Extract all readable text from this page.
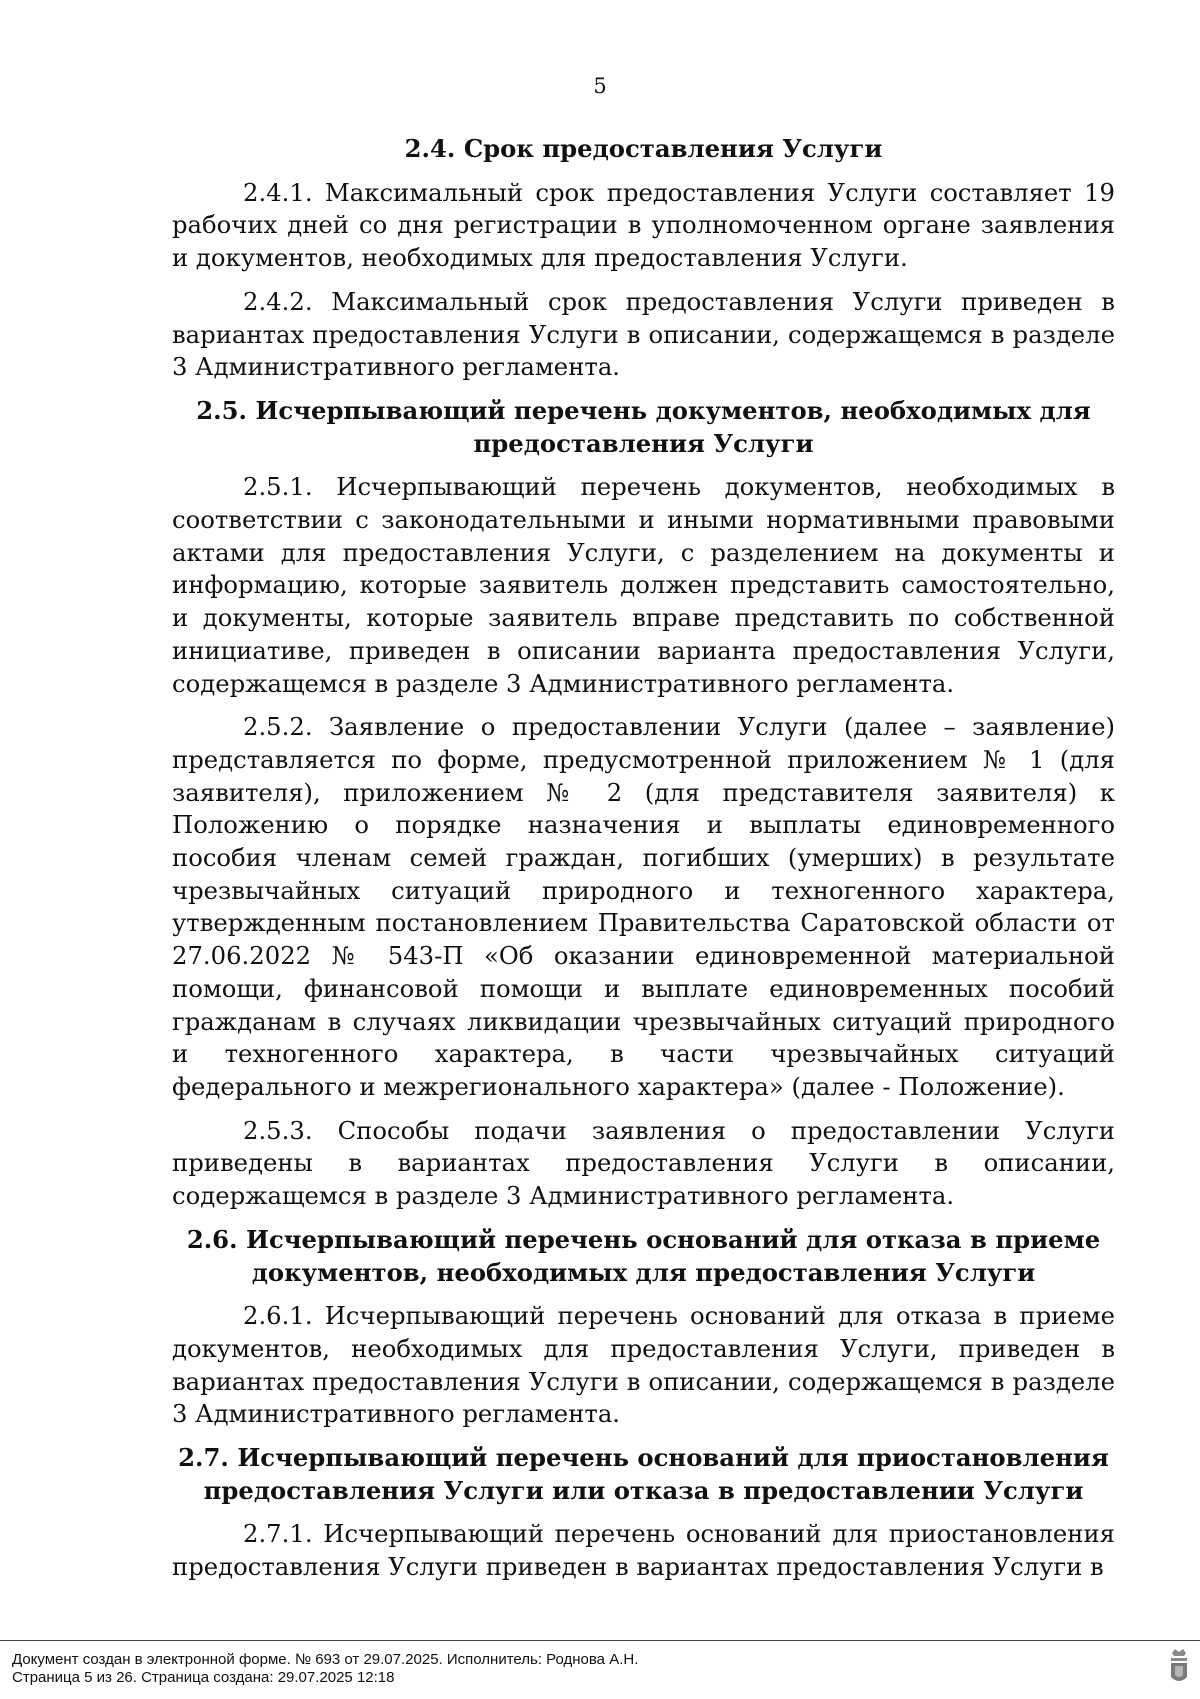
5
2.4. Срок предоставления Услуги

2.4.1. Максимальный срок предоставления Услуги составляет 19 рабочих дней со дня регистрации в уполномоченном органе заявления и документов, необходимых для предоставления Услуги.

2.4.2. Максимальный срок предоставления Услуги приведен в вариантах предоставления Услуги в описании, содержащемся в разделе 3 Административного регламента.

2.5. Исчерпывающий перечень документов, необходимых для предоставления Услуги

2.5.1. Исчерпывающий перечень документов, необходимых в соответствии с законодательными и иными нормативными правовыми актами для предоставления Услуги, с разделением на документы и информацию, которые заявитель должен представить самостоятельно, и документы, которые заявитель вправе представить по собственной инициативе, приведен в описании варианта предоставления Услуги, содержащемся в разделе 3 Административного регламента.

2.5.2. Заявление о предоставлении Услуги (далее – заявление) представляется по форме, предусмотренной приложением № 1 (для заявителя), приложением № 2 (для представителя заявителя) к Положению о порядке назначения и выплаты единовременного пособия членам семей граждан, погибших (умерших) в результате чрезвычайных ситуаций природного и техногенного характера, утвержденным постановлением Правительства Саратовской области от 27.06.2022 № 543-П «Об оказании единовременной материальной помощи, финансовой помощи и выплате единовременных пособий гражданам в случаях ликвидации чрезвычайных ситуаций природного и техногенного характера, в части чрезвычайных ситуаций федерального и межрегионального характера» (далее - Положение).

2.5.3. Способы подачи заявления о предоставлении Услуги приведены в вариантах предоставления Услуги в описании, содержащемся в разделе 3 Административного регламента.

2.6. Исчерпывающий перечень оснований для отказа в приеме документов, необходимых для предоставления Услуги

2.6.1. Исчерпывающий перечень оснований для отказа в приеме документов, необходимых для предоставления Услуги, приведен в вариантах предоставления Услуги в описании, содержащемся в разделе 3 Административного регламента.

2.7. Исчерпывающий перечень оснований для приостановления предоставления Услуги или отказа в предоставлении Услуги

2.7.1. Исчерпывающий перечень оснований для приостановления предоставления Услуги приведен в вариантах предоставления Услуги в

Документ создан в электронной форме. № 693 от 29.07.2025. Исполнитель: Роднова А.Н.
Страница 5 из 26. Страница создана: 29.07.2025 12:18
